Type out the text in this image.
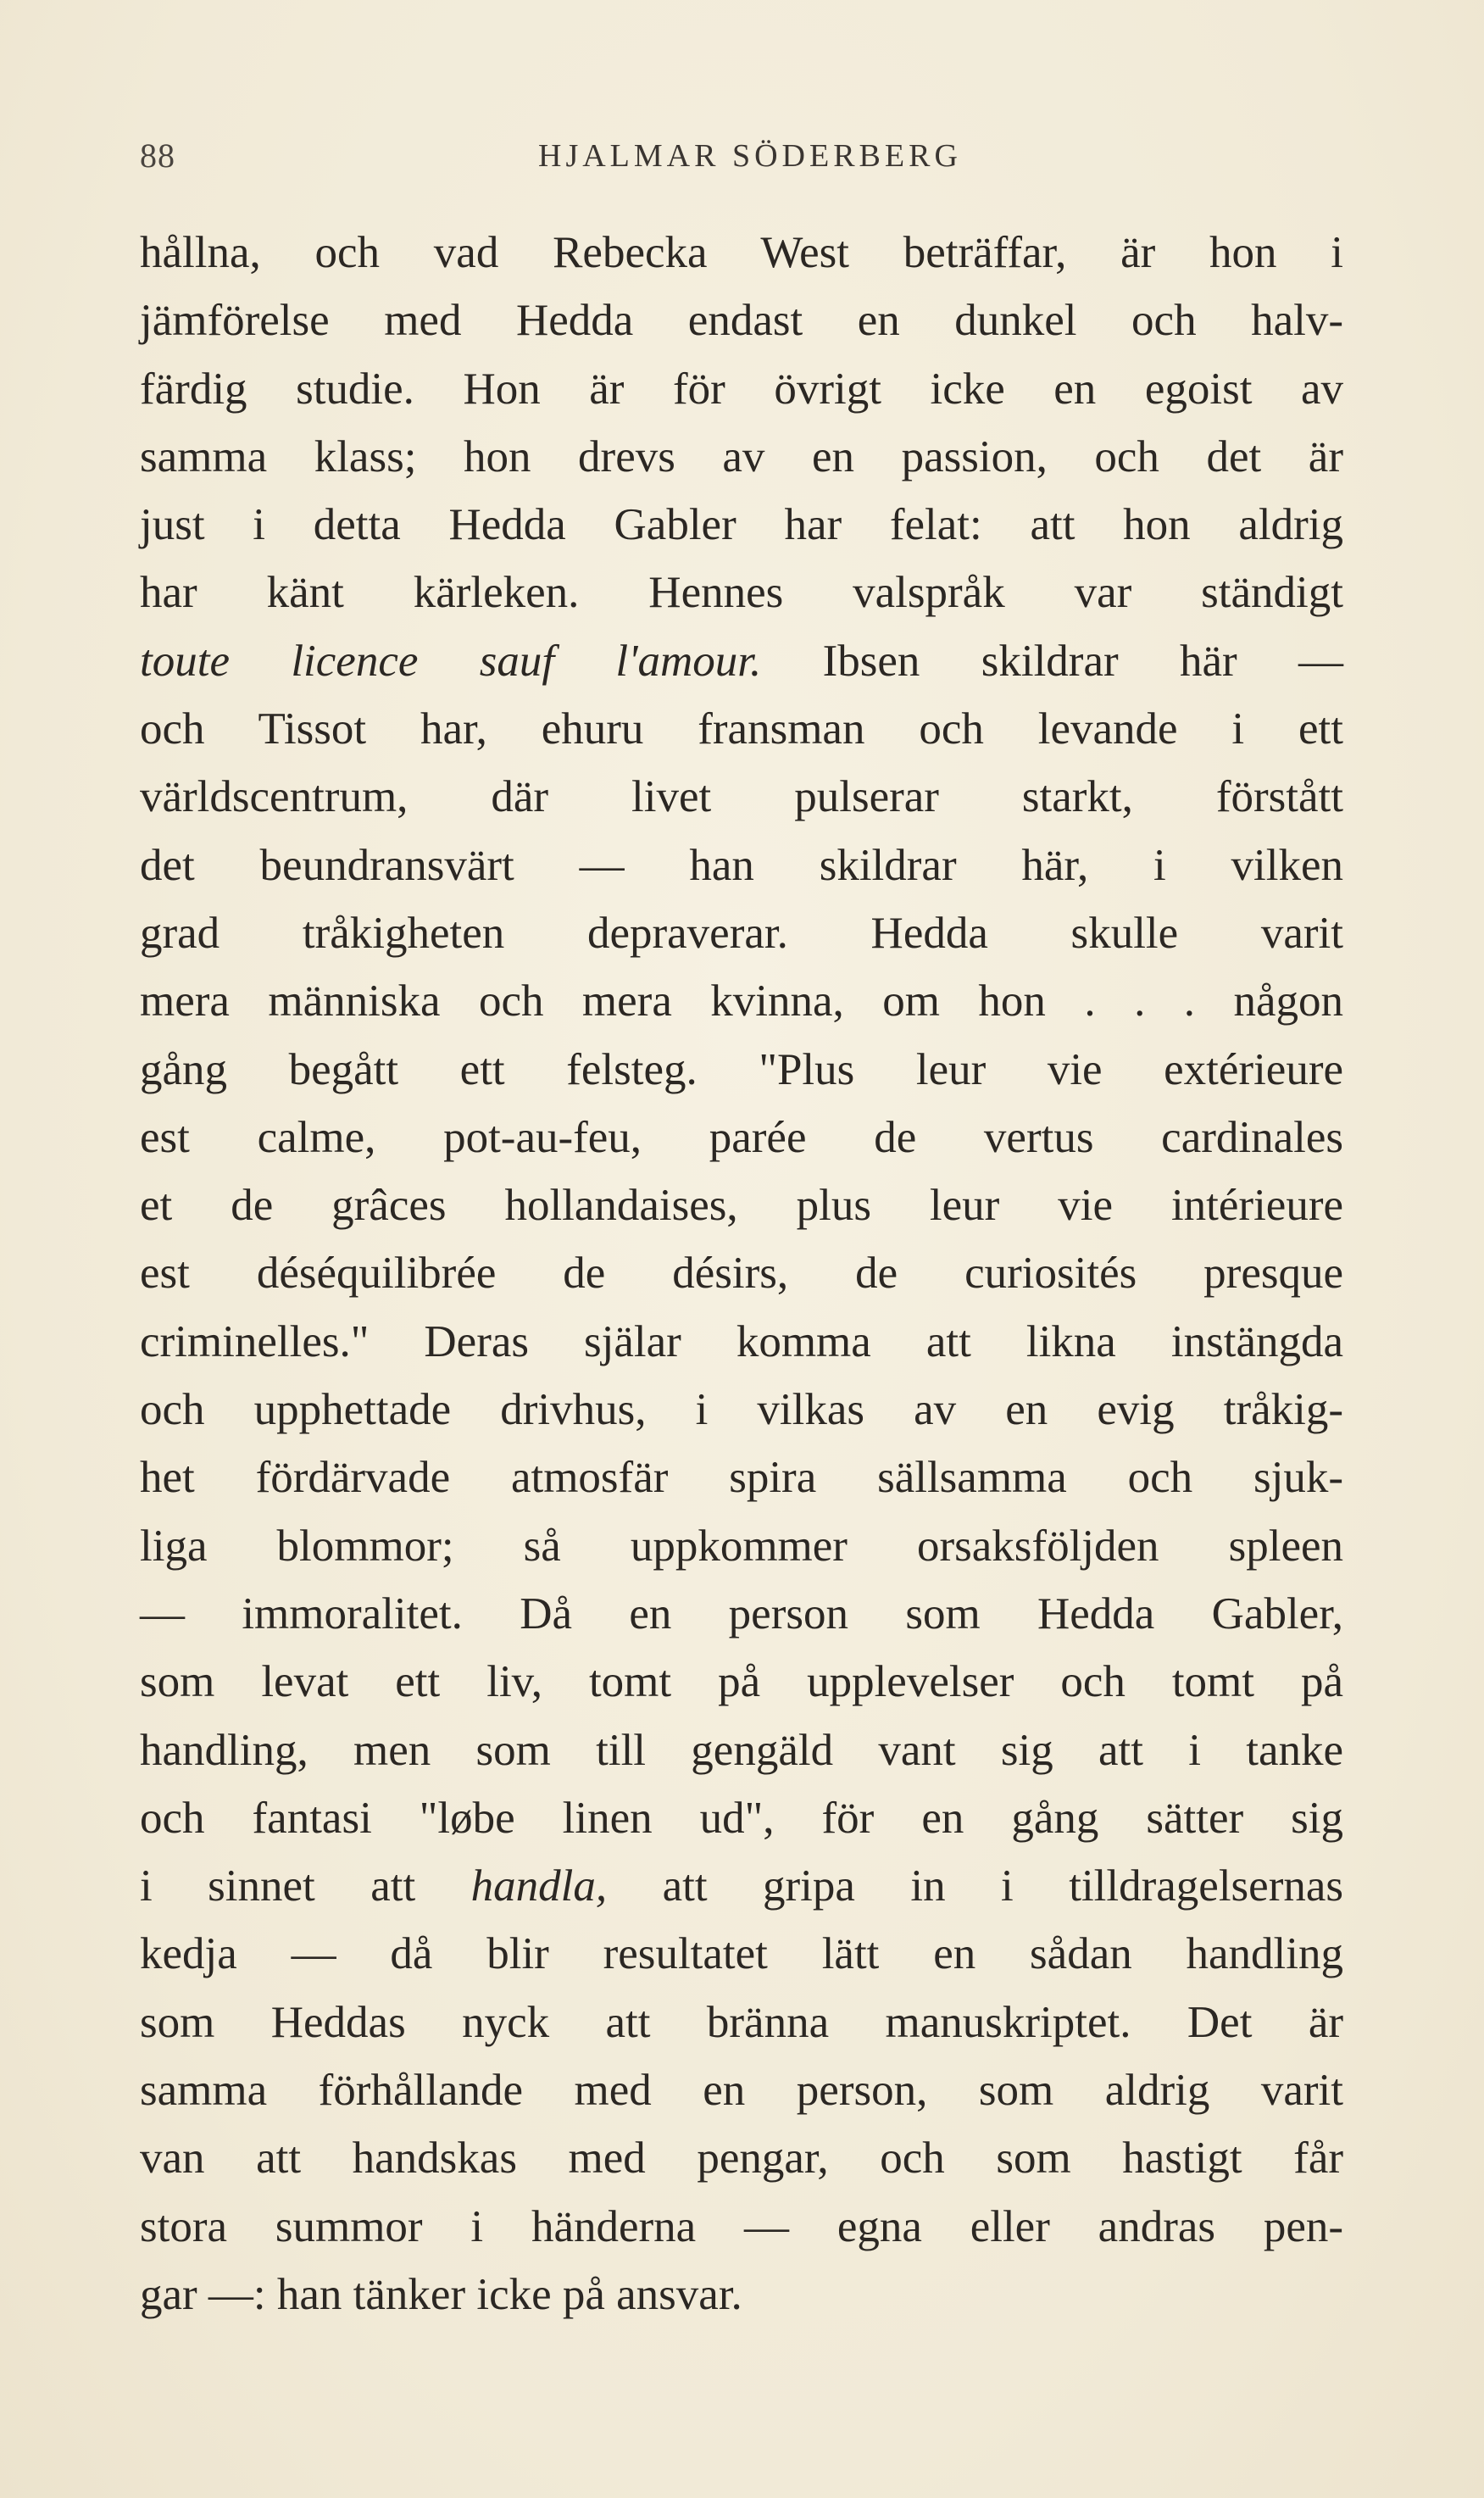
88	HJALMAR SÖDERBERG
hållna, och vad Rebecka West beträffar, är hon i
jämförelse med Hedda endast en dunkel och halv-
färdig studie. Hon är för övrigt icke en egoist av
samma klass; hon drevs av en passion, och det är
just i detta Hedda Gabler har felat: att hon aldrig
har känt kärleken. Hennes valspråk var ständigt
toute licence sauf l'amour. Ibsen skildrar här —
och Tissot har, ehuru fransman och levande i ett
världscentrum, där livet pulserar starkt, förstått
det beundransvärt — han skildrar här, i vilken
grad tråkigheten depraverar. Hedda skulle varit
mera människa och mera kvinna, om hon . . . någon
gång begått ett felsteg. "Plus leur vie extérieure
est calme, pot-au-feu, parée de vertus cardinales
et de grâces hollandaises, plus leur vie intérieure
est déséquilibrée de désirs, de curiosités presque
criminelles." Deras själar komma att likna instängda
och upphettade drivhus, i vilkas av en evig tråkig-
het fördärvade atmosfär spira sällsamma och sjuk-
liga blommor; så uppkommer orsaksföljden spleen
— immoralitet. Då en person som Hedda Gabler,
som levat ett liv, tomt på upplevelser och tomt på
handling, men som till gengäld vant sig att i tanke
och fantasi "løbe linen ud", för en gång sätter sig
i sinnet att handla, att gripa in i tilldragelsernas
kedja — då blir resultatet lätt en sådan handling
som Heddas nyck att bränna manuskriptet. Det är
samma förhållande med en person, som aldrig varit
van att handskas med pengar, och som hastigt får
stora summor i händerna — egna eller andras pen-
gar —: han tänker icke på ansvar.
